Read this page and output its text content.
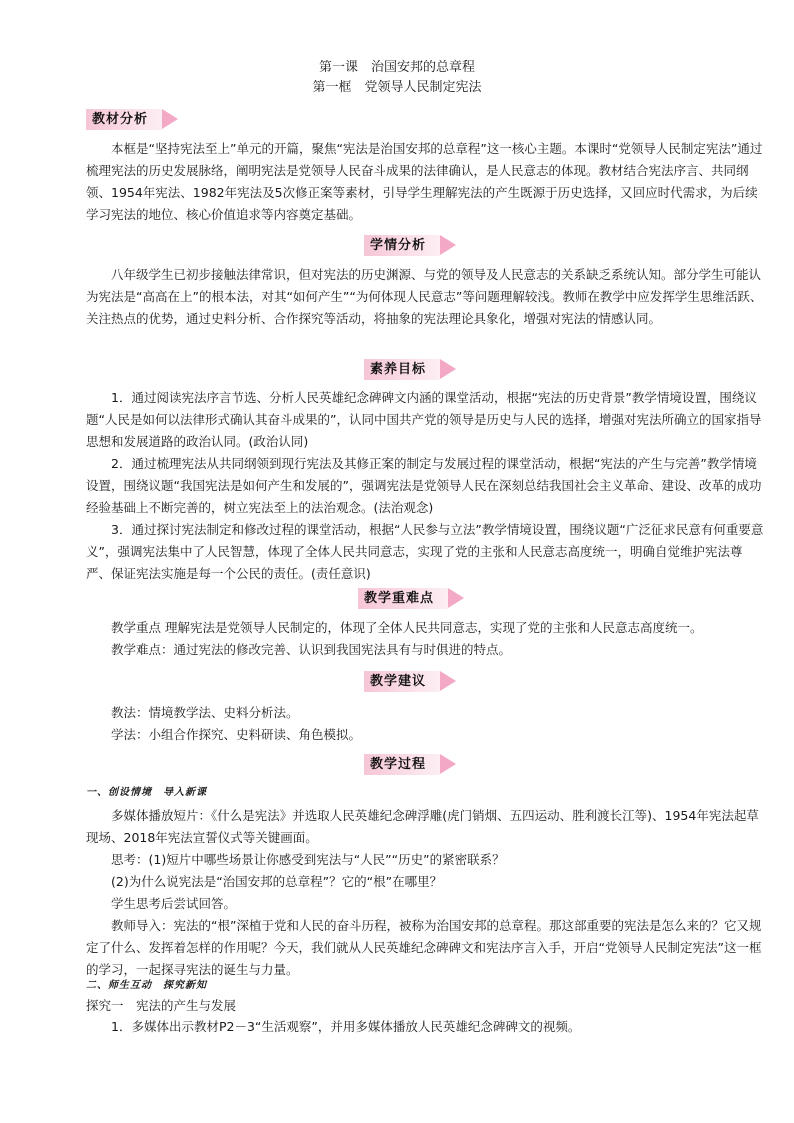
第一课　治国安邦的总章程
第一框　党领导人民制定宪法
教材分析

本框是“坚持宪法至上”单元的开篇，聚焦“宪法是治国安邦的总章程”这一核心主题。本课时“党领导人民制定宪法”通过梳理宪法的历史发展脉络，阐明宪法是党领导人民奋斗成果的法律确认，是人民意志的体现。教材结合宪法序言、共同纲领、1954年宪法、1982年宪法及5次修正案等素材，引导学生理解宪法的产生既源于历史选择，又回应时代需求，为后续学习宪法的地位、核心价值追求等内容奠定基础。

学情分析

八年级学生已初步接触法律常识，但对宪法的历史渊源、与党的领导及人民意志的关系缺乏系统认知。部分学生可能认为宪法是“高高在上”的根本法，对其“如何产生”“为何体现人民意志”等问题理解较浅。教师在教学中应发挥学生思维活跃、关注热点的优势，通过史料分析、合作探究等活动，将抽象的宪法理论具象化，增强对宪法的情感认同。

素养目标

1．通过阅读宪法序言节选、分析人民英雄纪念碑碑文内涵的课堂活动，根据“宪法的历史背景”教学情境设置，围绕议题“人民是如何以法律形式确认其奋斗成果的”，认同中国共产党的领导是历史与人民的选择，增强对宪法所确立的国家指导思想和发展道路的政治认同。(政治认同)

2．通过梳理宪法从共同纲领到现行宪法及其修正案的制定与发展过程的课堂活动，根据“宪法的产生与完善”教学情境设置，围绕议题“我国宪法是如何产生和发展的”，强调宪法是党领导人民在深刻总结我国社会主义革命、建设、改革的成功经验基础上不断完善的，树立宪法至上的法治观念。(法治观念)

3．通过探讨宪法制定和修改过程的课堂活动，根据“人民参与立法”教学情境设置，围绕议题“广泛征求民意有何重要意义”，强调宪法集中了人民智慧，体现了全体人民共同意志，实现了党的主张和人民意志高度统一，明确自觉维护宪法尊严、保证宪法实施是每一个公民的责任。(责任意识)

教学重难点

教学重点 理解宪法是党领导人民制定的，体现了全体人民共同意志，实现了党的主张和人民意志高度统一。

教学难点：通过宪法的修改完善、认识到我国宪法具有与时俱进的特点。

教学建议

教法：情境教学法、史料分析法。

学法：小组合作探究、史料研读、角色模拟。

教学过程
一、创设情境　导入新课

多媒体播放短片：《什么是宪法》并选取人民英雄纪念碑浮雕(虎门销烟、五四运动、胜利渡长江等)、1954年宪法起草现场、2018年宪法宣誓仪式等关键画面。

思考：(1)短片中哪些场景让你感受到宪法与“人民”“历史”的紧密联系？

(2)为什么说宪法是“治国安邦的总章程”？它的“根”在哪里？

学生思考后尝试回答。

教师导入：宪法的“根”深植于党和人民的奋斗历程，被称为治国安邦的总章程。那这部重要的宪法是怎么来的？它又规定了什么、发挥着怎样的作用呢？今天，我们就从人民英雄纪念碑碑文和宪法序言入手，开启“党领导人民制定宪法”这一框的学习，一起探寻宪法的诞生与力量。

二、师生互动　探究新知
探究一　宪法的产生与发展

1．多媒体出示教材P2－3“生活观察”，并用多媒体播放人民英雄纪念碑碑文的视频。
